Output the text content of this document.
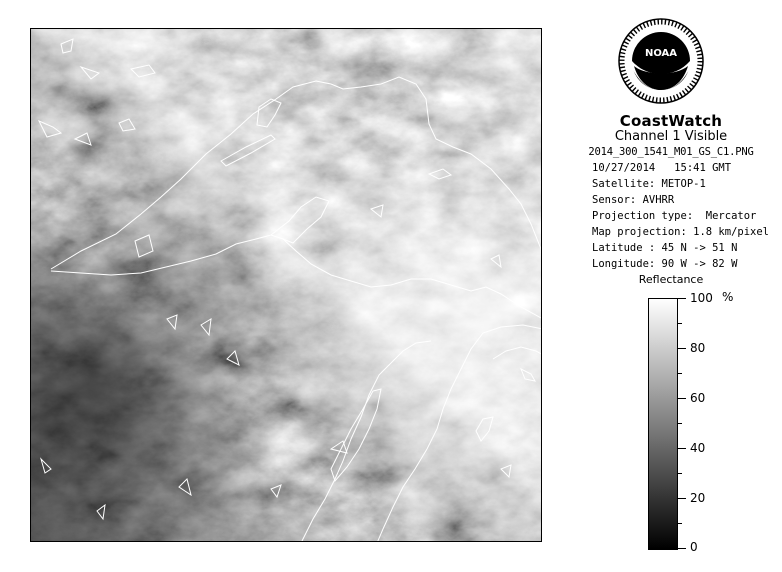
NOAA
CoastWatch
Channel 1 Visible
2014_300_1541_M01_GS_C1.PNG
10/27/2014   15:41 GMT
Satellite: METOP-1
Sensor: AVHRR
Projection type:  Mercator
Map projection: 1.8 km/pixel
Latitude : 45 N -> 51 N
Longitude: 90 W -> 82 W
Reflectance
%
100
80
60
40
20
0
